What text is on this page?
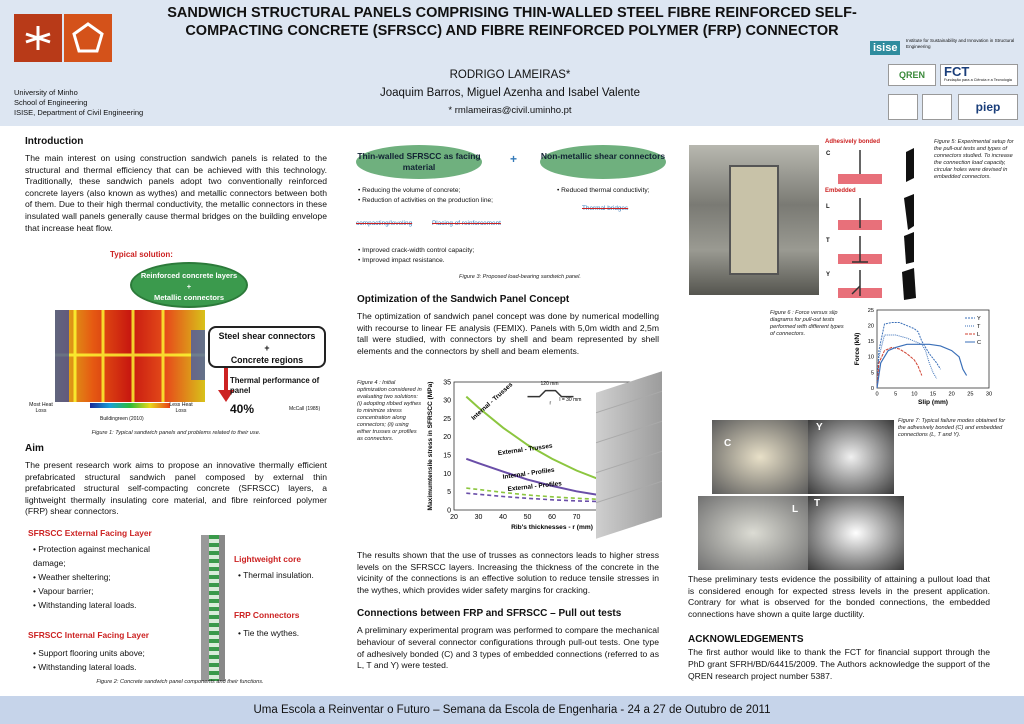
SANDWICH STRUCTURAL PANELS COMPRISING THIN-WALLED STEEL FIBRE REINFORCED SELF-COMPACTING CONCRETE (SFRSCC) AND FIBRE REINFORCED POLYMER (FRP) CONNECTOR
RODRIGO LAMEIRAS*
Joaquim Barros, Miguel Azenha and Isabel Valente
* rmlameiras@civil.uminho.pt
University of Minho
School of Engineering
ISISE, Department of Civil Engineering
isise
Institute for Sustainability and Innovation in Structural Engineering
QREN	FCT
Fundação para a Ciência e a Tecnologia
piep
Introduction

The main interest on using construction sandwich panels is related to the structural and thermal efficiency that can be achieved with this technology. Traditionally, these sandwich panels adopt two conventionally reinforced concrete layers (also known as wythes) and metallic connectors between both of them. Due to their high thermal conductivity, the metallic connectors in these insulated wall panels generally cause thermal bridges on the building envelope that increase heat flow.

Typical solution:
Reinforced concrete layers
+
Metallic connectors
Most Heat Loss
Less Heat Loss
Buildingreen (2010)
Steel shear connectors
+
Concrete regions
Thermal performance of panel
40%	McCall (1985)
Figure 1: Typical sandwich panels and problems related to their use.
Aim

The present research work aims to propose an innovative thermally efficient prefabricated structural sandwich panel composed by external thin prefabricated structural self-compacting concrete (SFRSCC) layers, a lightweight thermally insulating core material, and fibre reinforced polymer (FRP) shear connectors.

SFRSCC External Facing Layer
• Protection against mechanical damage;
• Weather sheltering;
• Vapour barrier;
• Withstanding lateral loads.
Lightweight core
• Thermal insulation.
FRP Connectors
• Tie the wythes.
SFRSCC Internal Facing Layer
• Support flooring units above;
• Withstanding lateral loads.
Figure 2: Concrete sandwich panel components and their functions.
Thin-walled SFRSCC as facing material
+	Non-metallic shear connectors
• Reducing the volume of concrete;
• Reduction of activities on the production line;
compacting/leveling	Placing of reinforcement
• Reduced thermal conductivity;
Thermal bridges
• Improved crack-width control capacity;
• Improved impact resistance.
Figure 3: Proposed load-bearing sandwich panel.
Optimization of the Sandwich Panel Concept

The optimization of sandwich panel concept was done by numerical modelling with recourse to linear FE analysis (FEMIX). Panels with 5,0m width and 2,5m tall were studied, with connectors by shell and beam represented by shell elements and the connectors by shell and beam elements.

Figure 4 : Initial optimization considered in evaluating two solutions: (i) adopting ribbed wythes to minimize stress concentration along connectors; (ii) using either trusses or profiles as connectors.
20 30 40 50 60 70
0
5
10
15
20
25
30
35
Rib's thicknesses - r (mm)
Maximumtensile stress in SFRSCC (MPa)	Internal - Trusses
External - Trusses
Internal - Profiles
External - Profiles
120 mm
r
l = 30 mm

The results shown that the use of trusses as connectors leads to higher stress levels on the SFRSCC layers. Increasing the thickness of the concrete in the vicinity of the connections is an effective solution to reduce tensile stresses in the wythes, which provides wider safety margins for cracking.

Connections between FRP and SFRSCC – Pull out tests

A preliminary experimental program was performed to compare the mechanical behaviour of several connector configurations through pull-out tests. One type of adhesively bonded (C) and 3 types of embedded connections (referred to as L, T and Y) were tested.

Adhesively bonded
Embedded
C
L
T
Y
Figure 5: Experimental setup for the pull-out tests and types of connectors studied. To increase the connection load capacity, circular holes were devised in embedded connectors.
Figure 6 : Force versus slip diagrams for pull-out tests performed with different types of connectors.
0	5 10 15 20 25 30
0
5
10
15
20
25
Slip (mm)
Force (kN)
Y
T
L
C
Figure 7: Typical failure modes obtained for the adhesively bonded (C) and embedded connections (L, T and Y).
C
Y
L
T

These preliminary tests evidence the possibility of attaining a pullout load that is considered enough for expected stress levels in the present application. Contrary for what is observed for the bonded connections, the embedded connections have shown a quite large ductility.

ACKNOWLEDGEMENTS

The first author would like to thank the FCT for financial support through the PhD grant SFRH/BD/64415/2009. The Authors acknowledge the support of the QREN research project number 5387.

Uma Escola a Reinventar o Futuro – Semana da Escola de Engenharia - 24 a 27 de Outubro de 2011
